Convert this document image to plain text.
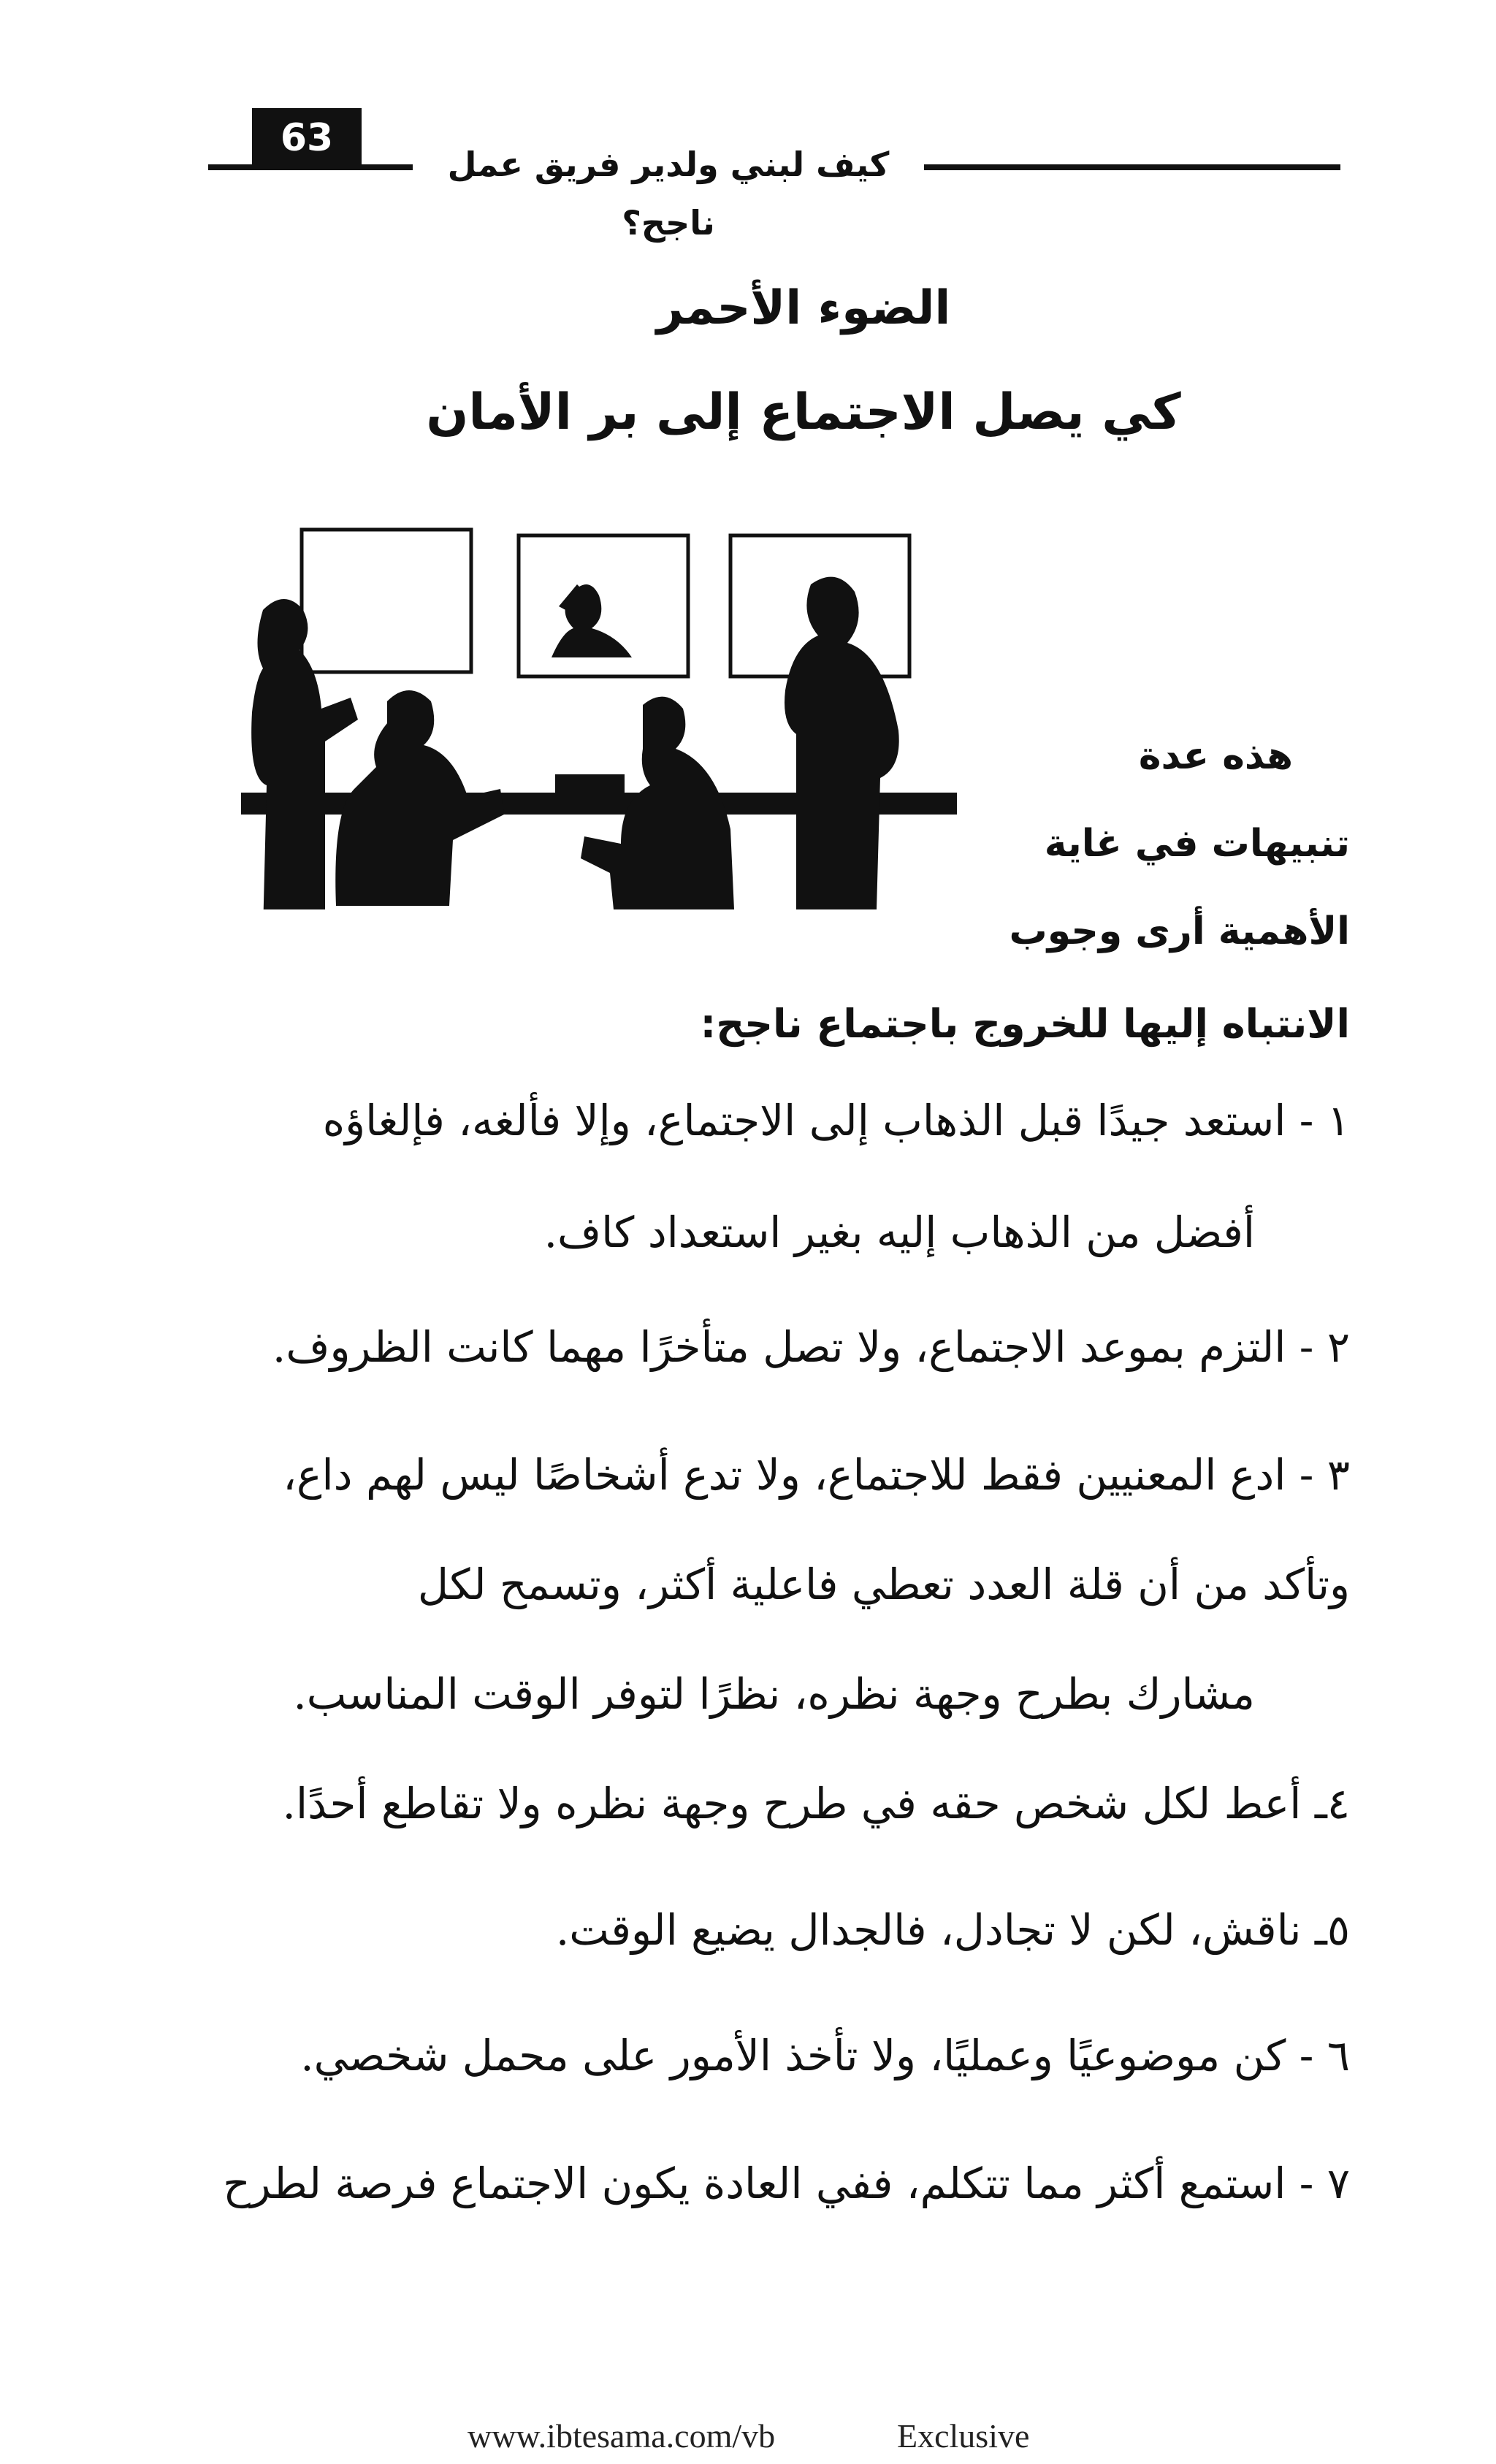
63
كيف لبني ولدير فريق عمل ناجح؟
الضوء الأحمر
كي يصل الاجتماع إلى بر الأمان
هذه عدة
تنبيهات في غاية
الأهمية أرى وجوب
الانتباه إليها للخروج باجتماع ناجح:
١ - استعد جيدًا قبل الذهاب إلى الاجتماع، وإلا فألغه، فإلغاؤه
أفضل من الذهاب إليه بغير استعداد كاف.
٢ - التزم بموعد الاجتماع، ولا تصل متأخرًا مهما كانت الظروف.
٣ - ادع المعنيين فقط للاجتماع، ولا تدع أشخاصًا ليس لهم داع،
وتأكد من أن قلة العدد تعطي فاعلية أكثر، وتسمح لكل
مشارك بطرح وجهة نظره، نظرًا لتوفر الوقت المناسب.
٤ـ أعط لكل شخص حقه في طرح وجهة نظره ولا تقاطع أحدًا.
٥ـ ناقش، لكن لا تجادل، فالجدال يضيع الوقت.
٦ - كن موضوعيًا وعمليًا، ولا تأخذ الأمور على محمل شخصي.
٧ - استمع أكثر مما تتكلم، ففي العادة يكون الاجتماع فرصة لطرح
www.ibtesama.com/vb	Exclusive
